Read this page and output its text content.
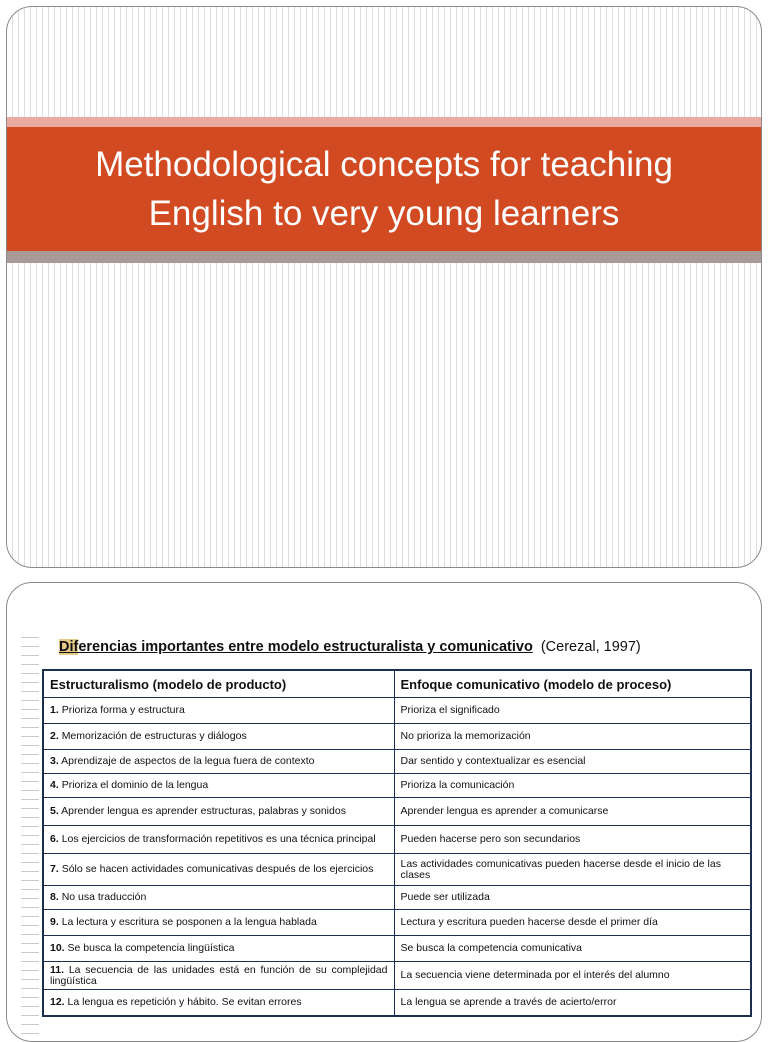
Methodological concepts for teaching
English to very young learners
Diferencias importantes entre modelo estructuralista y comunicativo (Cerezal, 1997)
Estructuralismo (modelo de producto)	Enfoque comunicativo (modelo de proceso)
1. Prioriza forma y estructura	Prioriza el significado
2. Memorización de estructuras y diálogos	No prioriza la memorización
3. Aprendizaje de aspectos de la legua fuera de contexto	Dar sentido y contextualizar es esencial
4. Prioriza el dominio de la lengua	Prioriza la comunicación
5. Aprender lengua es aprender estructuras, palabras y sonidos	Aprender lengua es aprender a comunicarse
6. Los ejercicios de transformación repetitivos es una técnica principal	Pueden hacerse pero son secundarios
7. Sólo se hacen actividades comunicativas después de los ejercicios	Las actividades comunicativas pueden hacerse desde el inicio de las clases
8. No usa traducción	Puede ser utilizada
9. La lectura y escritura se posponen a la lengua hablada	Lectura y escritura pueden hacerse desde el primer día
10. Se busca la competencia lingüística	Se busca la competencia comunicativa
11. La secuencia de las unidades está en función de su complejidad lingüística	La secuencia viene determinada por el interés del alumno
12. La lengua es repetición y hábito. Se evitan errores	La lengua se aprende a través de acierto/error
